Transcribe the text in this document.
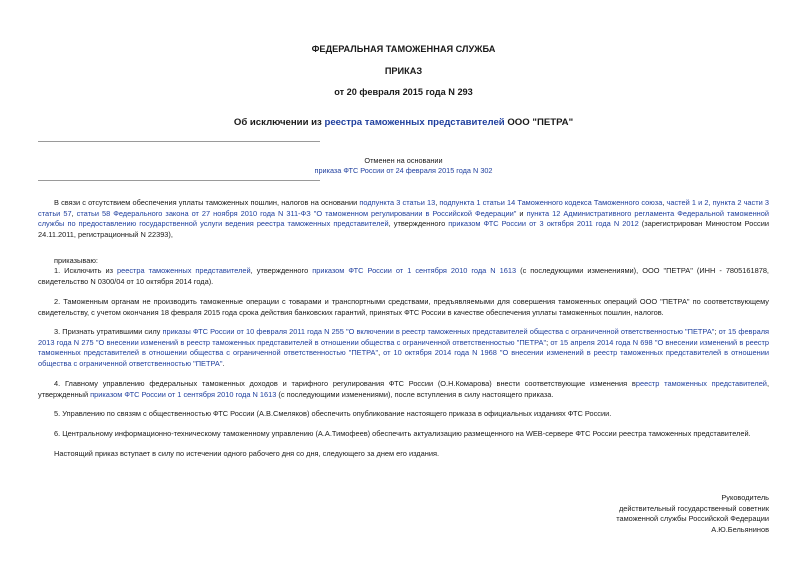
ФЕДЕРАЛЬНАЯ ТАМОЖЕННАЯ СЛУЖБА
ПРИКАЗ
от 20 февраля 2015 года N 293
Об исключении из реестра таможенных представителей ООО "ПЕТРА"
Отменен на основании
приказа ФТС России от 24 февраля 2015 года N 302

В связи с отсутствием обеспечения уплаты таможенных пошлин, налогов на основании подпункта 3 статьи 13, подпункта 1 статьи 14 Таможенного кодекса Таможенного союза, частей 1 и 2, пункта 2 части 3 статьи 57, статьи 58 Федерального закона от 27 ноября 2010 года N 311-ФЗ "О таможенном регулировании в Российской Федерации" и пункта 12 Административного регламента Федеральной таможенной службы по предоставлению государственной услуги ведения реестра таможенных представителей, утвержденного приказом ФТС России от 3 октября 2011 года N 2012 (зарегистрирован Минюстом России 24.11.2011, регистрационный N 22393),

приказываю:

1. Исключить из реестра таможенных представителей, утвержденного приказом ФТС России от 1 сентября 2010 года N 1613 (с последующими изменениями), ООО "ПЕТРА" (ИНН - 7805161878, свидетельство N 0300/04 от 10 октября 2014 года).

2. Таможенным органам не производить таможенные операции с товарами и транспортными средствами, предъявляемыми для совершения таможенных операций ООО "ПЕТРА" по соответствующему свидетельству, с учетом окончания 18 февраля 2015 года срока действия банковских гарантий, принятых ФТС России в качестве обеспечения уплаты таможенных пошлин, налогов.

3. Признать утратившими силу приказы ФТС России от 10 февраля 2011 года N 255 "О включении в реестр таможенных представителей общества с ограниченной ответственностью "ПЕТРА"; от 15 февраля 2013 года N 275 "О внесении изменений в реестр таможенных представителей в отношении общества с ограниченной ответственностью "ПЕТРА"; от 15 апреля 2014 года N 698 "О внесении изменений в реестр таможенных представителей в отношении общества с ограниченной ответственностью "ПЕТРА", от 10 октября 2014 года N 1968 "О внесении изменений в реестр таможенных представителей в отношении общества с ограниченной ответственностью "ПЕТРА".

4. Главному управлению федеральных таможенных доходов и тарифного регулирования ФТС России (О.Н.Комарова) внести соответствующие изменения вреестр таможенных представителей, утвержденный приказом ФТС России от 1 сентября 2010 года N 1613 (с последующими изменениями), после вступления в силу настоящего приказа.

5. Управлению по связям с общественностью ФТС России (А.В.Смеляков) обеспечить опубликование настоящего приказа в официальных изданиях ФТС России.

6. Центральному информационно-техническому таможенному управлению (А.А.Тимофеев) обеспечить актуализацию размещенного на WEB-сервере ФТС России реестра таможенных представителей.

Настоящий приказ вступает в силу по истечении одного рабочего дня со дня, следующего за днем его издания.

Руководитель
действительный государственный советник
таможенной службы Российской Федерации
А.Ю.Бельянинов
